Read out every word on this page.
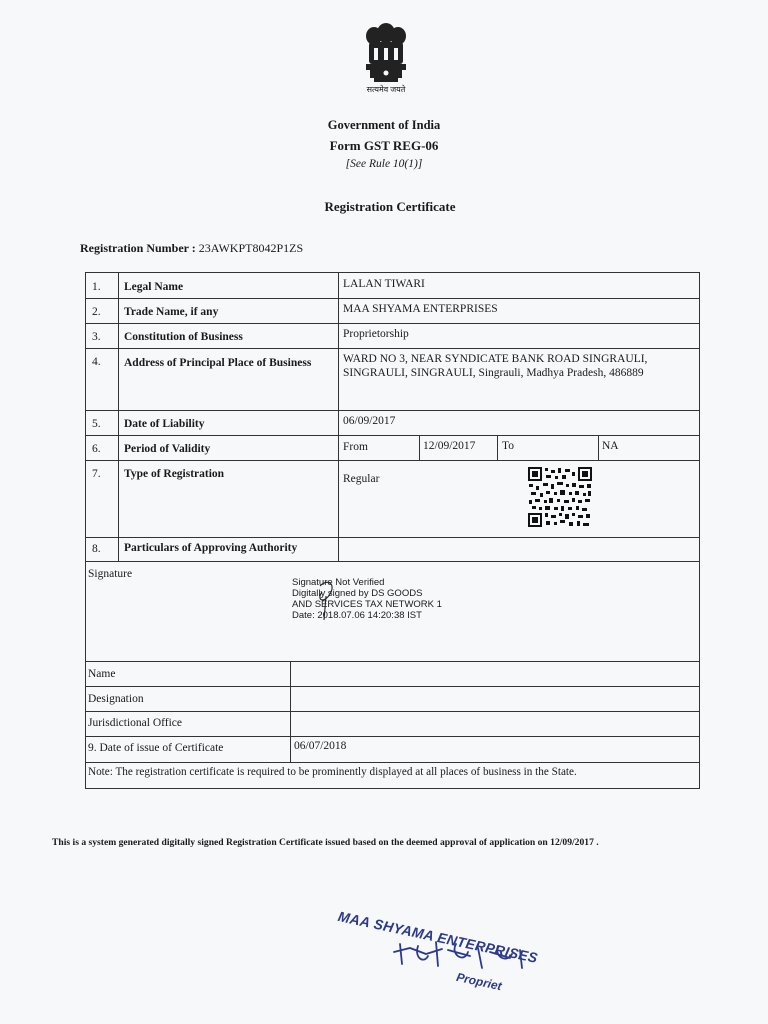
सत्यमेव जयते
Government of India
Form GST REG-06
[See Rule 10(1)]
Registration Certificate
Registration Number : 23AWKPT8042P1ZS
1. Legal Name	LALAN TIWARI
2. Trade Name, if any	MAA SHYAMA ENTERPRISES
3. Constitution of Business	Proprietorship
4. Address of Principal Place of Business	WARD NO 3, NEAR SYNDICATE BANK ROAD SINGRAULI, SINGRAULI, SINGRAULI, Singrauli, Madhya Pradesh, 486889
5. Date of Liability	06/09/2017
6. Period of Validity	From	12/09/2017 To	NA
7. Type of Registration	Regular
8. Particulars of Approving Authority
Signature
Signature Not Verified
Digitally signed by DS GOODS
AND SERVICES TAX NETWORK 1
Date: 2018.07.06 14:20:38 IST
Name
Designation
Jurisdictional Office
9. Date of issue of Certificate	06/07/2018
Note: The registration certificate is required to be prominently displayed at all places of business in the State.
This is a system generated digitally signed Registration Certificate issued based on the deemed approval of application on 12/09/2017 .
MAA SHYAMA ENTERPRISES
Propriet
